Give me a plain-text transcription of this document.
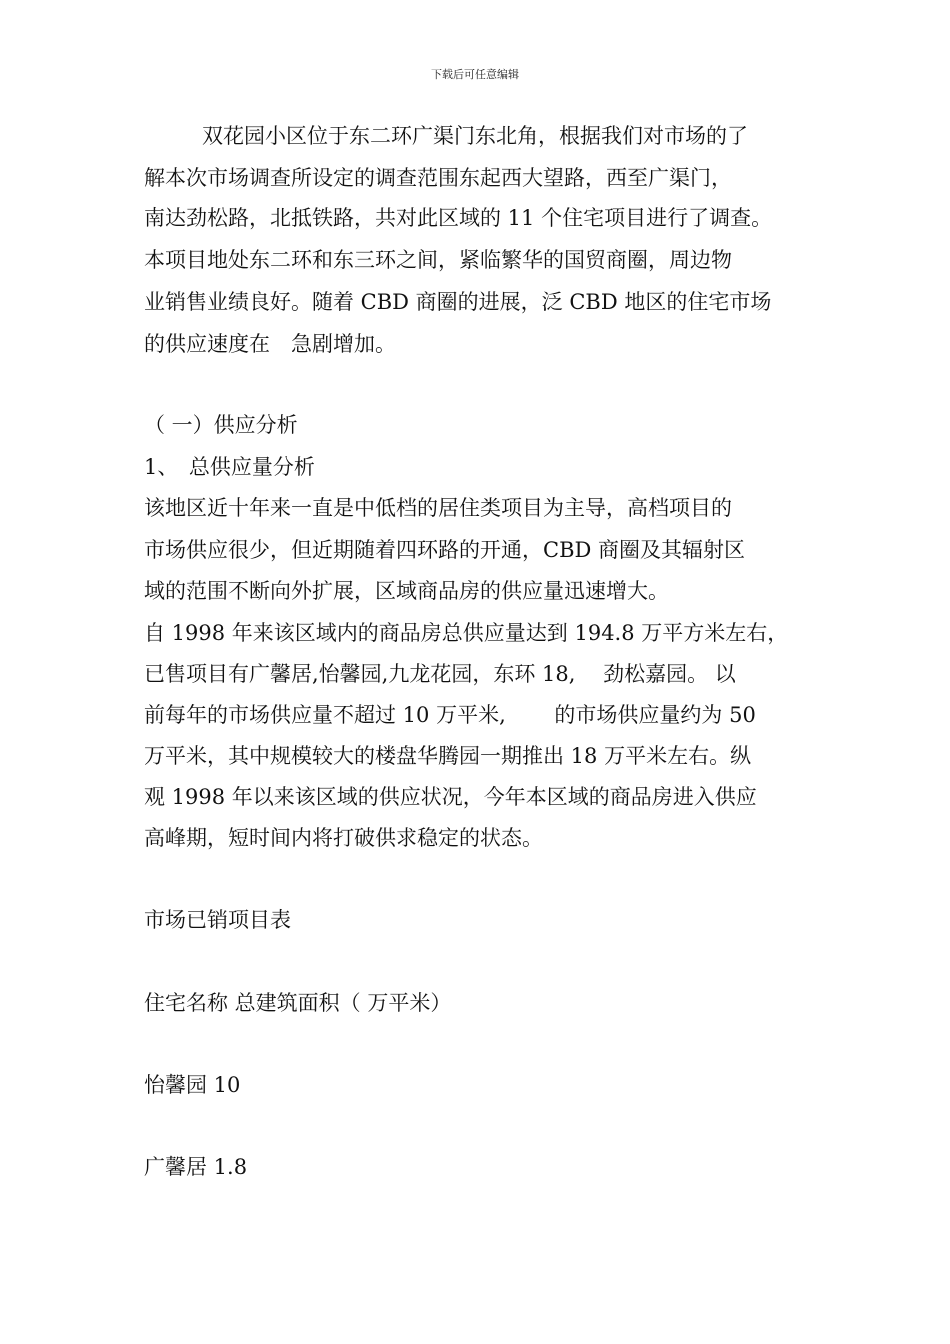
下载后可任意编辑
双花园小区位于东二环广渠门东北角，根据我们对市场的了
解本次市场调查所设定的调查范围东起西大望路，西至广渠门，
南达劲松路，北抵铁路，共对此区域的 11 个住宅项目进行了调查。
本项目地处东二环和东三环之间，紧临繁华的国贸商圈，周边物
业销售业绩良好。随着 CBD 商圈的进展，泛 CBD 地区的住宅市场
的供应速度在　急剧增加。
（ 一）供应分析
1、　总供应量分析
该地区近十年来一直是中低档的居住类项目为主导，高档项目的
市场供应很少，但近期随着四环路的开通，CBD 商圈及其辐射区
域的范围不断向外扩展，区域商品房的供应量迅速增大。
自 1998 年来该区域内的商品房总供应量达到 194.8 万平方米左右，
已售项目有广馨居,怡馨园,九龙花园，东环 18,　 劲松嘉园。 以
前每年的市场供应量不超过 10 万平米,　　 的市场供应量约为 50
万平米，其中规模较大的楼盘华腾园一期推出 18 万平米左右。纵
观 1998 年以来该区域的供应状况，今年本区域的商品房进入供应
高峰期，短时间内将打破供求稳定的状态。
市场已销项目表
住宅名称 总建筑面积（ 万平米）
怡馨园 10
广馨居 1.8
